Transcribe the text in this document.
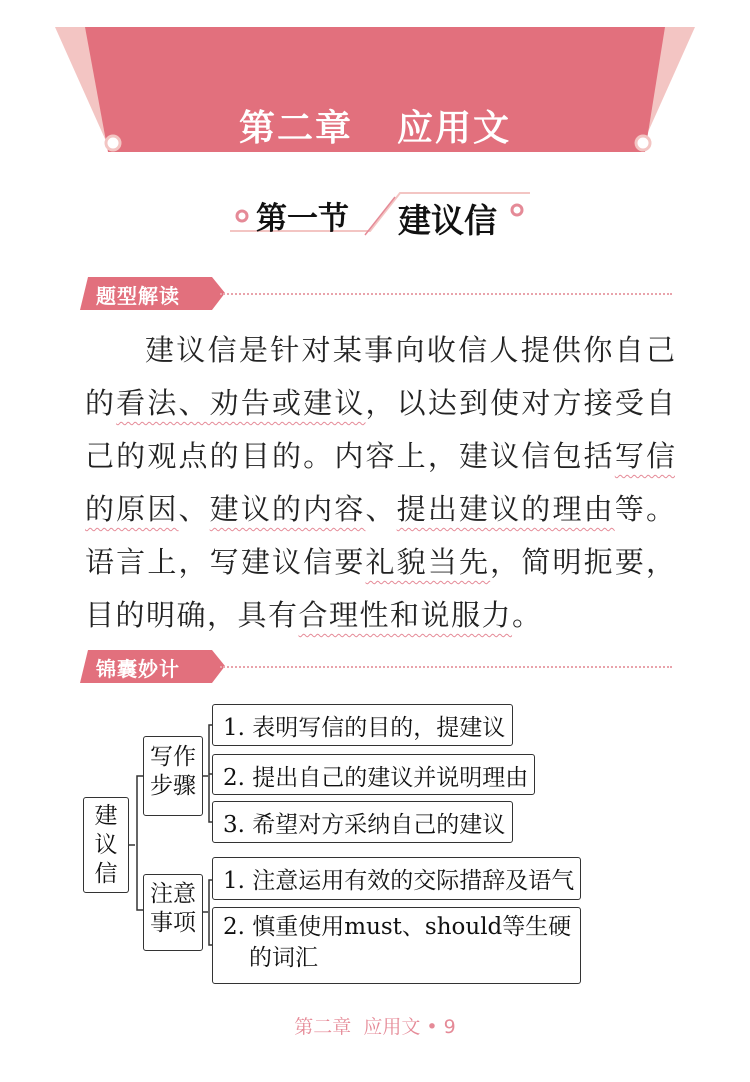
第二章 应用文
第一节 建议信
题型解读
建议信是针对某事向收信人提供你自己
的看法、劝告或建议，以达到使对方接受自
己的观点的目的。内容上，建议信包括写信
的原因、建议的内容、提出建议的理由等。
语言上，写建议信要礼貌当先，简明扼要，
目的明确，具有合理性和说服力。
锦囊妙计
建
议
信
写作
步骤
注意
事项
1. 表明写信的目的，提建议
2. 提出自己的建议并说明理由
3. 希望对方采纳自己的建议
1. 注意运用有效的交际措辞及语气
2. 慎重使用must、should等生硬的词汇
第二章  应用文 • 9
